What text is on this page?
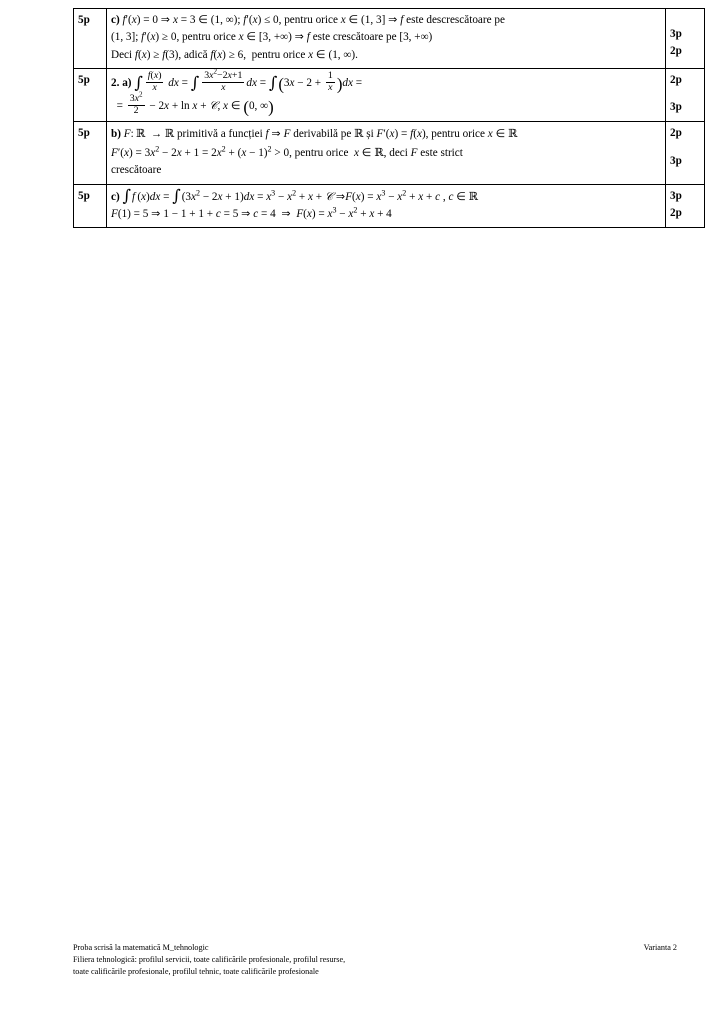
5p	c) f′(x) = 0 ⇒ x = 3 ∈ (1, ∞); f′(x) ≤ 0, pentru orice x ∈ (1, 3] ⇒ f este descrescătoare pe
(1, 3]; f′(x) ≥ 0, pentru orice x ∈ [3, +∞) ⇒ f este crescătoare pe [3, +∞)
Deci f(x) ≥ f(3), adică f(x) ≥ 6,  pentru orice x ∈ (1, ∞).	3p
2p

5p	2. a) ∫ $\frac{f(x)}{x}$ dx = ∫ $\frac{3x^2-2x+1}{x}$ dx = $\int(3x - 2 + \frac{1}{x} )dx$ =
= $\frac{3x^2}{2} - 2x + \ln x$ + 𝒞, x ∈ (0, ∞)

2p
3p

5p	b) F: ℝ  → ℝ primitivă a funcției f ⇒ F derivabilă pe ℝ și F′(x) = f(x), pentru orice x ∈ ℝ
$F'(x) = 3x^2 - 2x + 1 = 2x^2 + (x - 1)^2 > 0$, pentru orice  x ∈ ℝ, deci F este strict
crescătoare	2p
3p

5p	c) ∫f $(x)dx = \int(3x^2 - 2x + 1)dx = x^3 - x^2 + x$ + 𝒞 ⇒F(x) = $x^3 - x^2 + x + c$ , c ∈ ℝ
F(1) = 5 ⇒ 1 − 1 + 1 + c = 5 ⇒ c = 4  ⇒  $F(x) = x^3 - x^2 + x + 4$	3p
2p
Proba scrisă la matematică M_tehnologic
Filiera tehnologică: profilul servicii, toate calificările profesionale, profilul resurse,
toate calificările profesionale, profilul tehnic, toate calificările profesionale
Varianta 2
